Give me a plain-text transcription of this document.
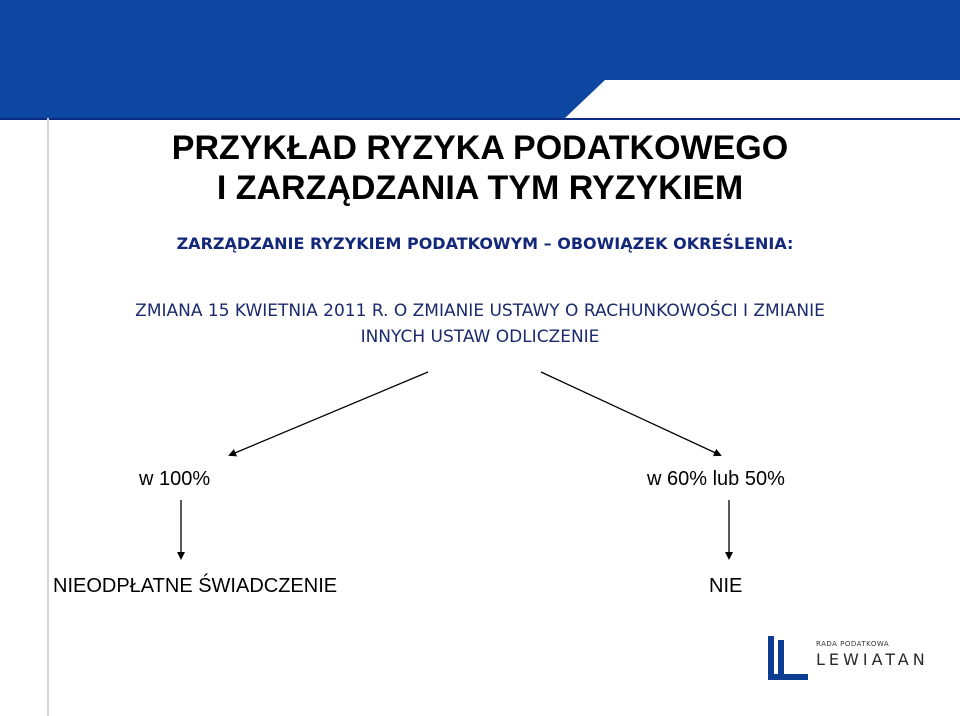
PRZYKŁAD RYZYKA PODATKOWEGO
I ZARZĄDZANIA TYM RYZYKIEM
ZARZĄDZANIE RYZYKIEM PODATKOWYM – OBOWIĄZEK OKREŚLENIA:
ZMIANA 15 KWIETNIA 2011 R. O ZMIANIE USTAWY O RACHUNKOWOŚCI I ZMIANIE
INNYCH USTAW ODLICZENIE
w 100%	w 60% lub 50%
NIEODPŁATNE ŚWIADCZENIE	NIE
RADA PODATKOWA
LEWIATAN
